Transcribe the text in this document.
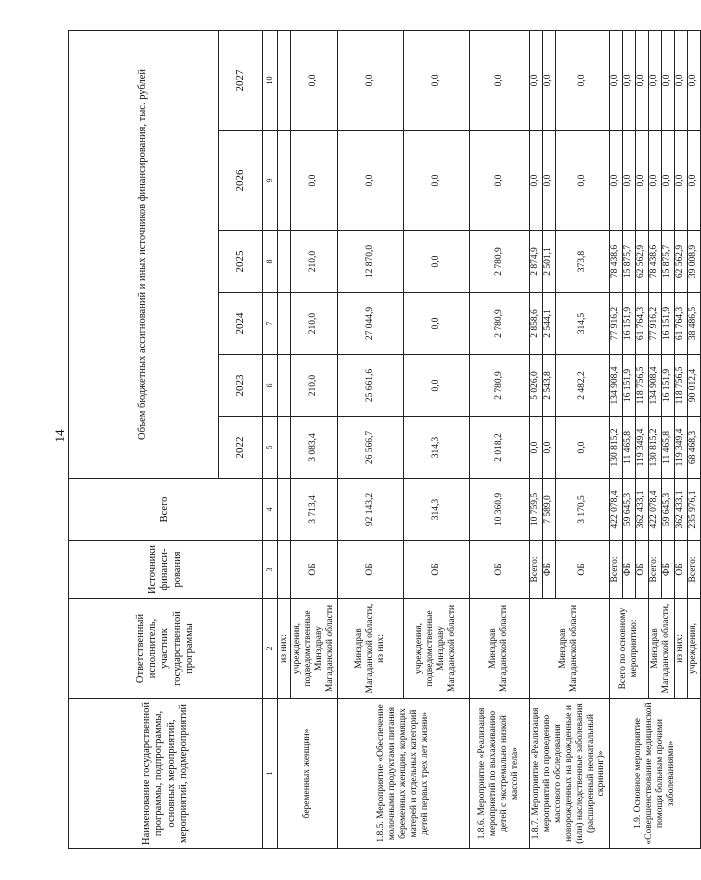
14
Наименование государственной программы, подпрограммы, основных мероприятий, мероприятий, подмероприятий	Ответственный исполнитель, участник государственной программы	Источники финанси- рования	Всего	Объем бюджетных ассигнований и иных источников финансирования, тыс. рублей					
				2022	2023	2024	2025	2026	2027
1	2	3	4	5	6	7	8	9	10
беременных женщин»	из них:								
	учреждения, подведомственные Минздраву Магаданской области	ОБ	3 713,4	3 083,4	210,0	210,0	210,0	0,0	0,0
1.8.5. Мероприятие «Обеспечение молочными продуктами питания беременных женщин, кормящих матерей и отдельных категорий детей первых трех лет жизни»	Минздрав Магаданской области, из них:	ОБ	92 143,2	26 566,7	25 661,6	27 044,9	12 870,0	0,0	0,0
	учреждения, подведомственные Минздраву Магаданской области	ОБ	314,3	314,3	0,0	0,0	0,0	0,0	0,0
1.8.6. Мероприятие «Реализация мероприятий по выхаживанию детей с экстремально низкой массой тела»	Минздрав Магаданской области	ОБ	10 360,9	2 018,2	2 780,9	2 780,9	2 780,9	0,0	0,0
1.8.7. Мероприятие «Реализация мероприятий по проведению массового обследования новорожденных на врожденные и (или) наследственные заболевания (расширенный неонатальный скрининг)»	Минздрав Магаданской области	Всего:	10 759,5	0,0	5 026,0	2 858,6	2 874,9	0,0	0,0
		ФБ	7 589,0	0,0	2 543,8	2 544,1	2 501,1	0,0	0,0
		ОБ	3 170,5	0,0	2 482,2	314,5	373,8	0,0	0,0
1.9. Основное мероприятие «Совершенствование медицинской помощи больным прочими заболеваниями»	Всего по основному мероприятию:	Всего:	422 078,4	130 815,2	134 908,4	77 916,2	78 438,6	0,0	0,0
		ФБ	59 645,3	11 465,8	16 151,9	16 151,9	15 875,7	0,0	0,0
		ОБ	362 433,1	119 349,4	118 756,5	61 764,3	62 562,9	0,0	0,0
	Минздрав Магаданской области,	Всего:	422 078,4	130 815,2	134 908,4	77 916,2	78 438,6	0,0	0,0
		ФБ	59 645,3	11 465,8	16 151,9	16 151,9	15 875,7	0,0	0,0
	из них:	ОБ	362 433,1	119 349,4	118 756,5	61 764,3	62 562,9	0,0	0,0
	учреждения,	Всего:	235 976,1	68 468,3	90 012,4	38 486,5	39 008,9	0,0	0,0
